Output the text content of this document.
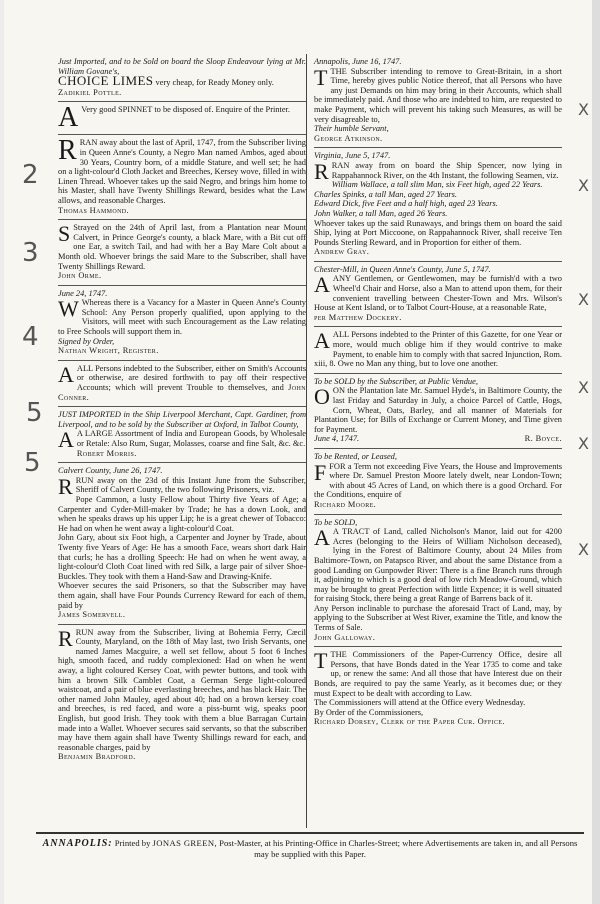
2
3
4
5
5
X
X
X
X
X
X

Just Imported, and to be Sold on board the Sloop Endeavour lying at Mr. William Govane's,

CHOICE LIMES very cheap, for Ready Money only.

Zadikiel Pottle.

A Very good SPINNET to be disposed of. Enquire of the Printer.

RRAN away about the last of April, 1747, from the Subscriber living in Queen Anne's County, a Negro Man named Ambos, aged about 30 Years, Country born, of a middle Stature, and well set; he had on a light-colour'd Cloth Jacket and Breeches, Kersey wove, filled in with Linen Thread. Whoever takes up the said Negro, and brings him home to his Master, shall have Twenty Shillings Reward, besides what the Law allows, and reasonable Charges.

Thomas Hammond.

S Strayed on the 24th of April last, from a Plantation near Mount Calvert, in Prince George's county, a black Mare, with a Bit cut off one Ear, a switch Tail, and had with her a Bay Mare Colt about a Month old. Whoever brings the said Mare to the Subscriber, shall have Twenty Shillings Reward.

John Orme.

June 24, 1747.

W Whereas there is a Vacancy for a Master in Queen Anne's County School: Any Person properly qualified, upon applying to the Visitors, will meet with such Encouragement as the Law relating to Free Schools will support them in.

Signed by Order,

Nathan Wright, Register.

AALL Persons indebted to the Subscriber, either on Smith's Accounts or otherwise, are desired forthwith to pay off their respective Accounts; which will prevent Trouble to themselves, and John Conner.

JUST IMPORTED in the Ship Liverpool Merchant, Capt. Gardiner, from Liverpool, and to be sold by the Subscriber at Oxford, in Talbot County,

A A LARGE Assortment of India and European Goods, by Wholesale or Retale: Also Rum, Sugar, Molasses, coarse and fine Salt, &c. &c.

Robert Morris.

Calvert County, June 26, 1747.

RRUN away on the 23d of this Instant June from the Subscriber, Sheriff of Calvert County, the two following Prisoners, viz.

Pope Cammon, a lusty Fellow about Thirty five Years of Age; a Carpenter and Cyder-Mill-maker by Trade; he has a down Look, and when he speaks draws up his upper Lip; he is a great chewer of Tobacco: He had on when he went away a light-colour'd Coat.

John Gary, about six Foot high, a Carpenter and Joyner by Trade, about Twenty five Years of Age: He has a smooth Face, wears short dark Hair that curls; he has a drolling Speech: He had on when he went away, a light-colour'd Cloth Coat lined with red Silk, a large pair of silver Shoe-Buckles. They took with them a Hand-Saw and Drawing-Knife.

Whoever secures the said Prisoners, so that the Subscriber may have them again, shall have Four Pounds Currency Reward for each of them, paid by

James Somervell.

RRUN away from the Subscriber, living at Bohemia Ferry, Cæcil County, Maryland, on the 18th of May last, two Irish Servants, one named James Macguire, a well set fellow, about 5 foot 6 Inches high, smooth faced, and ruddy complexioned: Had on when he went away, a light coloured Kersey Coat, with pewter buttons, and took with him a brown Silk Camblet Coat, a German Serge light-coloured waistcoat, and a pair of blue everlasting breeches, and has black Hair. The other named John Mauley, aged about 40; had on a brown kersey coat and breeches, is red faced, and wore a piss-burnt wig, speaks poor English, but good Irish. They took with them a blue Barragan Curtain made into a Wallet. Whoever secures said servants, so that the subscriber may have them again shall have Twenty Shillings reward for each, and reasonable charges, paid by

Benjamin Bradford.

Annapolis, June 16, 1747.

TTHE Subscriber intending to remove to Great-Britain, in a short Time, hereby gives public Notice thereof, that all Persons who have any just Demands on him may bring in their Accounts, which shall be immediately paid. And those who are indebted to him, are requested to make Payment, which will prevent his taking such Measures, as will be very disagreable to,

Their humble Servant,

George Atkinson.

Virginia, June 5, 1747.

RRAN away from on board the Ship Spencer, now lying in Rappahannock River, on the 4th Instant, the following Seamen, viz.

William Wallace, a tall slim Man, six Feet high, aged 22 Years.

Charles Spinks, a tall Man, aged 27 Years.

Edward Dick, five Feet and a half high, aged 23 Years.

John Walker, a tall Man, aged 26 Years.

Whoever takes up the said Runaways, and brings them on board the said Ship, lying at Port Miccoone, on Rappahannock River, shall receive Ten Pounds Sterling Reward, and in Proportion for either of them.

Andrew Gray.

Chester-Mill, in Queen Anne's County, June 5, 1747.

AANY Gentlemen, or Gentlewomen, may be furnish'd with a two Wheel'd Chair and Horse, also a Man to attend upon them, for their convenient travelling between Chester-Town and Mrs. Wilson's House at Kent Island, or to Talbot Court-House, at a reasonable Rate,

per Matthew Dockery.

AALL Persons indebted to the Printer of this Gazette, for one Year or more, would much oblige him if they would contrive to make Payment, to enable him to comply with that sacred Injunction, Rom. xiii, 8. Owe no Man any thing, but to love one another.

To be SOLD by the Subscriber, at Public Vendue,

OON the Plantation late Mr. Samuel Hyde's, in Baltimore County, the last Friday and Saturday in July, a choice Parcel of Cattle, Hogs, Corn, Wheat, Oats, Barley, and all manner of Materials for Plantation Use; for Bills of Exchange or Current Money, and Time given for Payment.

June 4, 1747.	R. Boyce.

To be Rented, or Leased,

FFOR a Term not exceeding Five Years, the House and Improvements where Dr. Samuel Preston Moore lately dwelt, near London-Town; with about 45 Acres of Land, on which there is a good Orchard. For the Conditions, enquire of

Richard Moore.

To be SOLD,

A A TRACT of Land, called Nicholson's Manor, laid out for 4200 Acres (belonging to the Heirs of William Nicholson deceased), lying in the Forest of Baltimore County, about 24 Miles from Baltimore-Town, on Patapsco River, and about the same Distance from a good Landing on Gunpowder River: There is a fine Branch runs through it, adjoining to which is a good deal of low rich Meadow-Ground, which may be brought to great Perfection with little Expence; it is well situated for raising Stock, there being a great Range of Barrens back of it.

Any Person inclinable to purchase the aforesaid Tract of Land, may, by applying to the Subscriber at West River, examine the Title, and know the Terms of Sale.

John Galloway.

TTHE Commissioners of the Paper-Currency Office, desire all Persons, that have Bonds dated in the Year 1735 to come and take up, or renew the same: And all those that have Interest due on their Bonds, are required to pay the same Yearly, as it becomes due; or they must Expect to be dealt with according to Law.

The Commissioners will attend at the Office every Wednesday.

By Order of the Commissioners,

Richard Dorsey, Clerk of the Paper Cur. Office.

ANNAPOLIS: Printed by JONAS GREEN, Post-Master, at his Printing-Office in Charles-Street; where Advertisements are taken in, and all Persons may be supplied with this Paper.
